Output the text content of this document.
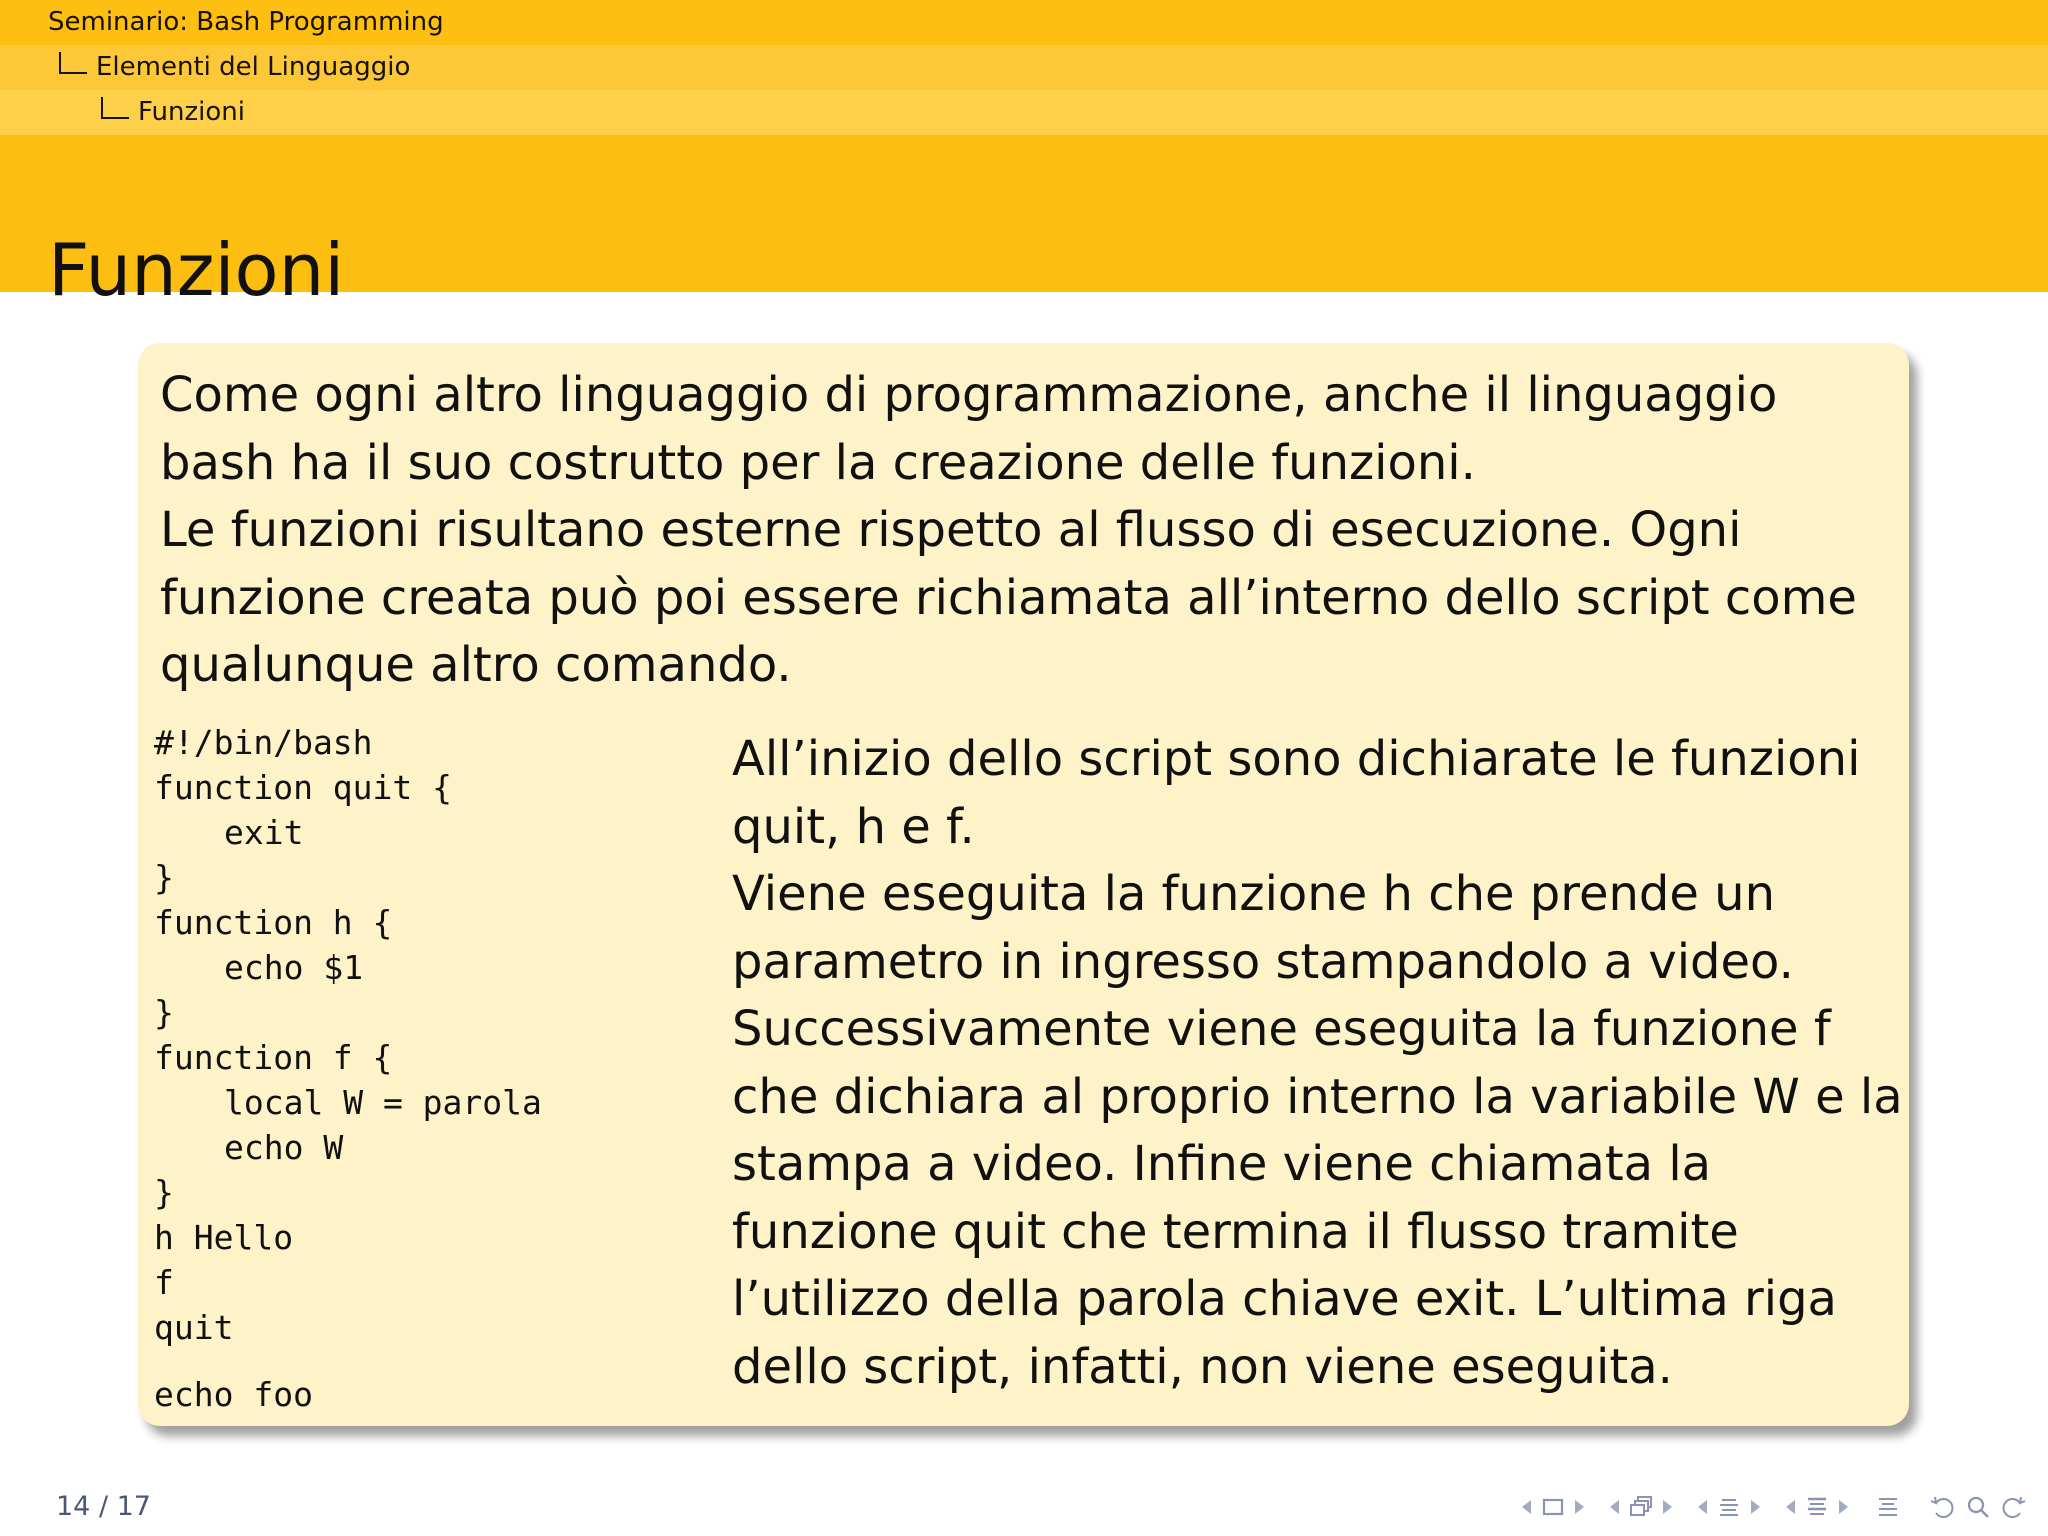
Seminario: Bash Programming
Elementi del Linguaggio
Funzioni
Funzioni

Come ogni altro linguaggio di programmazione, anche il linguaggio bash ha il suo costrutto per la creazione delle funzioni.

Le funzioni risultano esterne rispetto al flusso di esecuzione. Ogni funzione creata può poi essere richiamata all’interno dello script come qualunque altro comando.

#!/bin/bash
function quit {
exit
}
function h {
echo $1
}
function f {
local W = parola
echo W
}
h Hello
f
quit
echo foo

All’inizio dello script sono dichiarate le funzioni quit, h e f.

Viene eseguita la funzione h che prende un parametro in ingresso stampandolo a video.

Successivamente viene eseguita la funzione f che dichiara al proprio interno la variabile W e la stampa a video. Infine viene chiamata la funzione quit che termina il flusso tramite l’utilizzo della parola chiave exit. L’ultima riga dello script, infatti, non viene eseguita.

14 / 17
